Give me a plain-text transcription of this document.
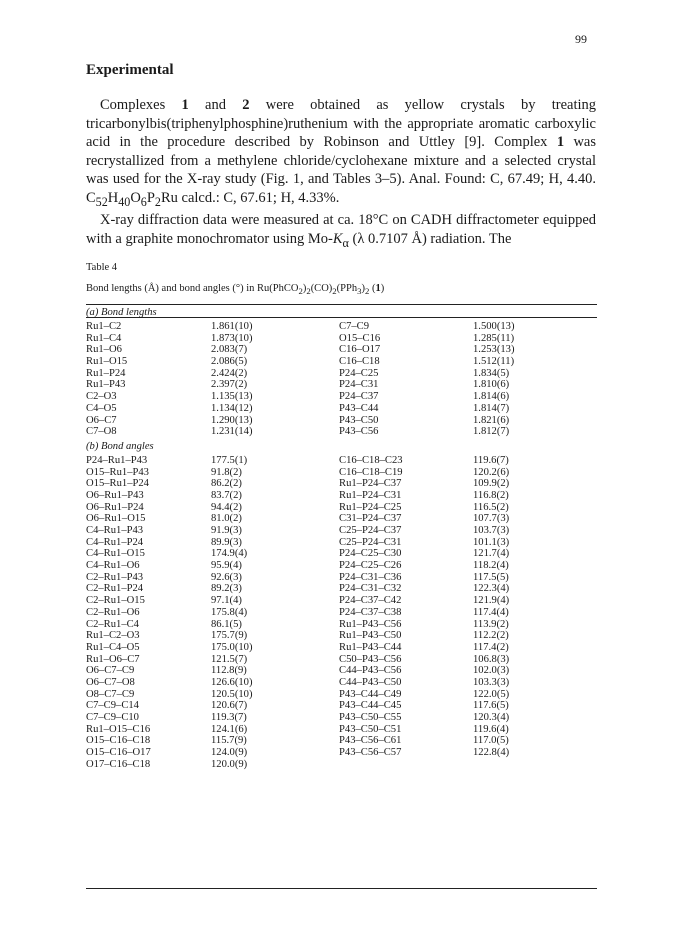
99
Experimental

Complexes 1 and 2 were obtained as yellow crystals by treating tricarbonylbis(triphenylphosphine)ruthenium with the appropriate aromatic carboxylic acid in the procedure described by Robinson and Uttley [9]. Complex 1 was recrystallized from a methylene chloride/cyclohexane mixture and a selected crystal was used for the X-ray study (Fig. 1, and Tables 3–5). Anal. Found: C, 67.49; H, 4.40. $C_{52}H_{40}O_6P_2Ru$ calcd.: C, 67.61; H, 4.33%.

X-ray diffraction data were measured at ca. 18°C on CADH diffractometer equipped with a graphite monochromator using $Mo-K_\alpha$ (λ 0.7107 Å) radiation. The

Table 4
Bond lengths (Å) and bond angles (°) in $Ru(PhCO_2)_2(CO)_2(PPh_3)_2$ (1)
(a) Bond lengths
Ru1–C2	1.861(10)	C7–C9	1.500(13)
Ru1–C4	1.873(10)	O15–C16	1.285(11)
Ru1–O6	2.083(7)	C16–O17	1.253(13)
Ru1–O15	2.086(5)	C16–C18	1.512(11)
Ru1–P24	2.424(2)	P24–C25	1.834(5)
Ru1–P43	2.397(2)	P24–C31	1.810(6)
C2–O3	1.135(13)	P24–C37	1.814(6)
C4–O5	1.134(12)	P43–C44	1.814(7)
O6–C7	1.290(13)	P43–C50	1.821(6)
C7–O8	1.231(14)	P43–C56	1.812(7)
(b) Bond angles
P24–Ru1–P43	177.5(1)	C16–C18–C23	119.6(7)
O15–Ru1–P43	91.8(2)	C16–C18–C19	120.2(6)
O15–Ru1–P24	86.2(2)	Ru1–P24–C37	109.9(2)
O6–Ru1–P43	83.7(2)	Ru1–P24–C31	116.8(2)
O6–Ru1–P24	94.4(2)	Ru1–P24–C25	116.5(2)
O6–Ru1–O15	81.0(2)	C31–P24–C37	107.7(3)
C4–Ru1–P43	91.9(3)	C25–P24–C37	103.7(3)
C4–Ru1–P24	89.9(3)	C25–P24–C31	101.1(3)
C4–Ru1–O15	174.9(4)	P24–C25–C30	121.7(4)
C4–Ru1–O6	95.9(4)	P24–C25–C26	118.2(4)
C2–Ru1–P43	92.6(3)	P24–C31–C36	117.5(5)
C2–Ru1–P24	89.2(3)	P24–C31–C32	122.3(4)
C2–Ru1–O15	97.1(4)	P24–C37–C42	121.9(4)
C2–Ru1–O6	175.8(4)	P24–C37–C38	117.4(4)
C2–Ru1–C4	86.1(5)	Ru1–P43–C56	113.9(2)
Ru1–C2–O3	175.7(9)	Ru1–P43–C50	112.2(2)
Ru1–C4–O5	175.0(10)	Ru1–P43–C44	117.4(2)
Ru1–O6–C7	121.5(7)	C50–P43–C56	106.8(3)
O6–C7–C9	112.8(9)	C44–P43–C56	102.0(3)
O6–C7–O8	126.6(10)	C44–P43–C50	103.3(3)
O8–C7–C9	120.5(10)	P43–C44–C49	122.0(5)
C7–C9–C14	120.6(7)	P43–C44–C45	117.6(5)
C7–C9–C10	119.3(7)	P43–C50–C55	120.3(4)
Ru1–O15–C16	124.1(6)	P43–C50–C51	119.6(4)
O15–C16–C18	115.7(9)	P43–C56–C61	117.0(5)
O15–C16–O17	124.0(9)	P43–C56–C57	122.8(4)
O17–C16–C18	120.0(9)
